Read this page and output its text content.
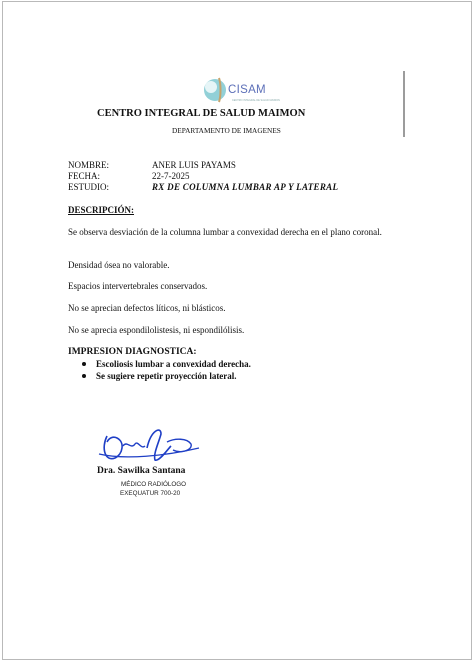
CISAM
CENTRO INTEGRAL DE SALUD MAIMON
CENTRO INTEGRAL DE SALUD MAIMON
DEPARTAMENTO DE IMAGENES
NOMBRE:	ANER LUIS PAYAMS
FECHA:	22-7-2025
ESTUDIO:	RX DE COLUMNA LUMBAR AP Y LATERAL
DESCRIPCIÓN:
Se observa desviación de la columna lumbar a convexidad derecha en el plano coronal.
Densidad ósea no valorable.
Espacios intervertebrales conservados.
No se aprecian defectos líticos, ni blásticos.
No se aprecia espondilolistesis, ni espondilólisis.
IMPRESION DIAGNOSTICA:
Escoliosis lumbar a convexidad derecha.
Se sugiere repetir proyección lateral.
Dra. Sawilka Santana
MÉDICO RADIÓLOGO
EXEQUATUR 700-20
